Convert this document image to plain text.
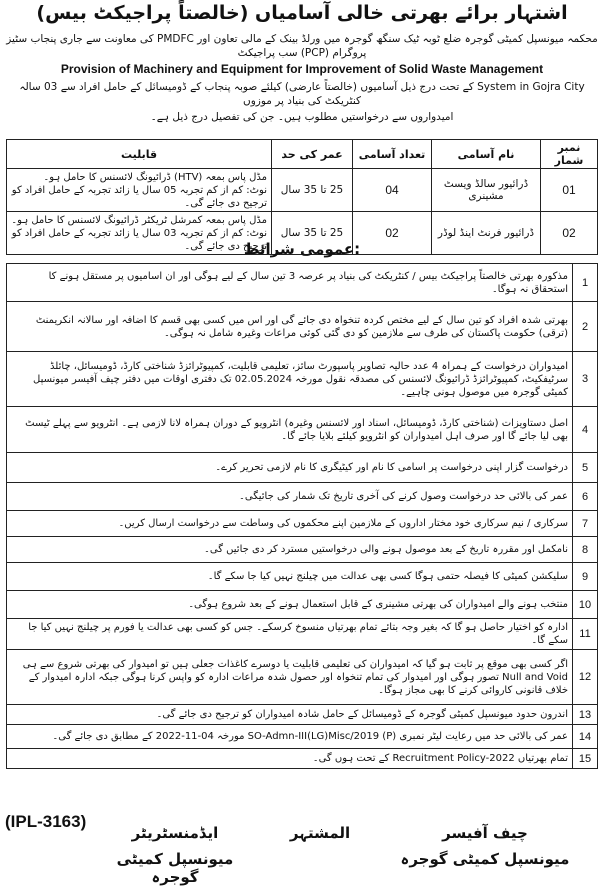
اشتہار برائے بھرتی خالی آسامیاں (خالصتاً پراجیکٹ بیس)
محکمہ میونسپل کمیٹی گوجرہ ضلع ٹوبہ ٹیک سنگھ گوجرہ میں ورلڈ بینک کے مالی تعاون اور PMDFC کی معاونت سے جاری پنجاب سٹیز پروگرام (PCP) سب پراجیکٹ
Provision of Machinery and Equipment for Improvement of Solid Waste Management
System in Gojra City کے تحت درج ذیل آسامیوں (خالصتاً عارضی) کیلئے صوبہ پنجاب کے ڈومیسائل کے حامل افراد سے 03 سالہ کنٹریکٹ کی بنیاد پر موزوں
امیدواروں سے درخواستیں مطلوب ہیں۔ جن کی تفصیل درج ذیل ہے۔
نمبر شمار	نام آسامی	تعداد آسامی	عمر کی حد	قابلیت
01	ڈرائیور سالڈ ویسٹ مشینری	04	25 تا 35 سال	مڈل پاس بمعہ (HTV) ڈرائیونگ لائسنس کا حامل ہو۔
نوٹ: کم از کم تجربہ 05 سال یا زائد تجربہ کے حامل افراد کو ترجیح دی جائے گی۔

02	ڈرائیور فرنٹ اینڈ لوڈر	02	25 تا 35 سال	مڈل پاس بمعہ کمرشل ٹریکٹر ڈرائیونگ لائسنس کا حامل ہو۔
نوٹ: کم از کم تجربہ 03 سال یا زائد تجربہ کے حامل افراد کو ترجیح دی جائے گی۔
عمومی شرائط:
1	مذکورہ بھرتی خالصتاً پراجیکٹ بیس / کنٹریکٹ کی بنیاد پر عرصہ 3 تین سال کے لیے ہوگی اور ان اسامیوں پر مستقل ہونے کا استحقاق نہ ہوگا۔
2	بھرتی شدہ افراد کو تین سال کے لیے مختص کردہ تنخواہ دی جائے گی اور اس میں کسی بھی قسم کا اضافہ اور سالانہ انکریمنٹ (ترقی) حکومت پاکستان کی طرف سے ملازمین کو دی گئی کوئی مراعات وغیرہ شامل نہ ہوگی۔
3	امیدواران درخواست کے ہمراہ 4 عدد حالیہ تصاویر پاسپورٹ سائز، تعلیمی قابلیت، کمپیوٹرائزڈ شناختی کارڈ، ڈومیسائل، چائلڈ سرٹیفکیٹ، کمپیوٹرائزڈ ڈرائیونگ لائسنس کی مصدقہ نقول مورخہ 02.05.2024 تک دفتری اوقات میں دفتر چیف آفیسر میونسپل کمیٹی گوجرہ میں موصول ہونی چاہیے۔
4	اصل دستاویزات (شناختی کارڈ، ڈومیسائل، اسناد اور لائسنس وغیرہ) انٹرویو کے دوران ہمراہ لانا لازمی ہے۔ انٹرویو سے پہلے ٹیسٹ بھی لیا جائے گا اور صرف اہل امیدواران کو انٹرویو کیلئے بلایا جائے گا۔
5	درخواست گزار اپنی درخواست پر اسامی کا نام اور کیٹیگری کا نام لازمی تحریر کرے۔
6	عمر کی بالائی حد درخواست وصول کرنے کی آخری تاریخ تک شمار کی جائیگی۔
7	سرکاری / نیم سرکاری خود مختار اداروں کے ملازمین اپنے محکموں کی وساطت سے درخواست ارسال کریں۔
8	نامکمل اور مقررہ تاریخ کے بعد موصول ہونے والی درخواستیں مسترد کر دی جائیں گی۔
9	سلیکشن کمیٹی کا فیصلہ حتمی ہوگا کسی بھی عدالت میں چیلنج نہیں کیا جا سکے گا۔
10	منتخب ہونے والے امیدواران کی بھرتی مشینری کے قابل استعمال ہونے کے بعد شروع ہوگی۔
11	ادارہ کو اختیار حاصل ہو گا کہ بغیر وجہ بتائے تمام بھرتیاں منسوخ کرسکے۔ جس کو کسی بھی عدالت یا فورم پر چیلنج نہیں کیا جا سکے گا۔
12	اگر کسی بھی موقع پر ثابت ہو گیا کہ امیدواران کی تعلیمی قابلیت یا دوسرے کاغذات جعلی ہیں تو امیدوار کی بھرتی شروع سے ہی Null and Void تصور ہوگی اور امیدوار کی تمام تنخواہ اور حصول شدہ مراعات ادارہ کو واپس کرنا ہوگی جبکہ ادارہ امیدوار کے خلاف قانونی کاروائی کرنے کا بھی مجاز ہوگا۔
13	اندرون حدود میونسپل کمیٹی گوجرہ کے ڈومیسائل کے حامل شادہ امیدواران کو ترجیح دی جائے گی۔
14	عمر کی بالائی حد میں رعایت لیٹر نمبری SO-Admn-III(LG)Misc/2019 (P) مورخہ 04-11-2022 کے مطابق دی جائے گی۔
15	تمام بھرتیاں Recruitment Policy-2022 کے تحت ہوں گی۔
(IPL-3163)
ایڈمنسٹریٹر
میونسپل کمیٹی گوجرہ
المشتہر	چیف آفیسر
میونسپل کمیٹی گوجرہ
